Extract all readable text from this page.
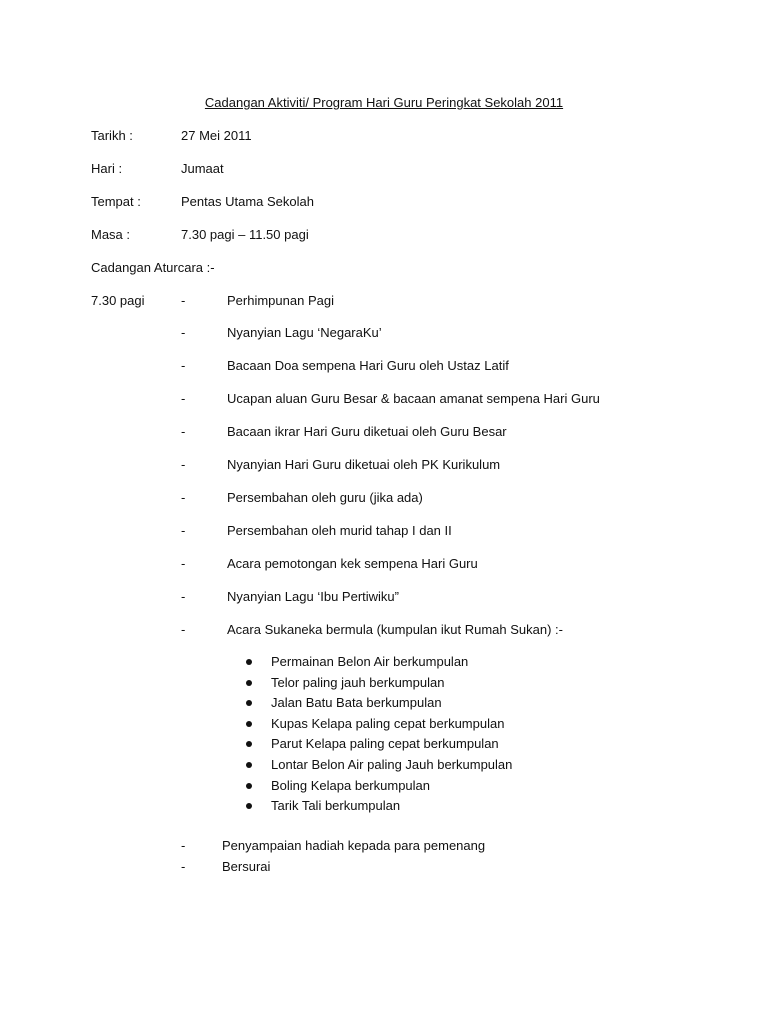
Cadangan Aktiviti/ Program Hari Guru Peringkat Sekolah 2011
Tarikh :	27 Mei 2011
Hari :	Jumaat
Tempat :	Pentas Utama Sekolah
Masa :	7.30 pagi – 11.50 pagi
Cadangan Aturcara :-
7.30 pagi	-	Perhimpunan Pagi
-	Nyanyian Lagu ‘NegaraKu’
-	Bacaan Doa sempena Hari Guru oleh Ustaz Latif
-	Ucapan aluan Guru Besar & bacaan amanat sempena Hari Guru
-	Bacaan ikrar Hari Guru diketuai oleh Guru Besar
-	Nyanyian Hari Guru diketuai oleh PK Kurikulum
-	Persembahan oleh guru (jika ada)
-	Persembahan oleh murid tahap I dan II
-	Acara pemotongan kek sempena Hari Guru
-	Nyanyian Lagu ‘Ibu Pertiwiku”
-	Acara Sukaneka bermula (kumpulan ikut Rumah Sukan) :-
Permainan Belon Air berkumpulan
Telor paling jauh berkumpulan
Jalan Batu Bata berkumpulan
Kupas Kelapa paling cepat berkumpulan
Parut Kelapa paling cepat berkumpulan
Lontar Belon Air paling Jauh berkumpulan
Boling Kelapa berkumpulan
Tarik Tali berkumpulan
-	Penyampaian hadiah kepada para pemenang
-	Bersurai
